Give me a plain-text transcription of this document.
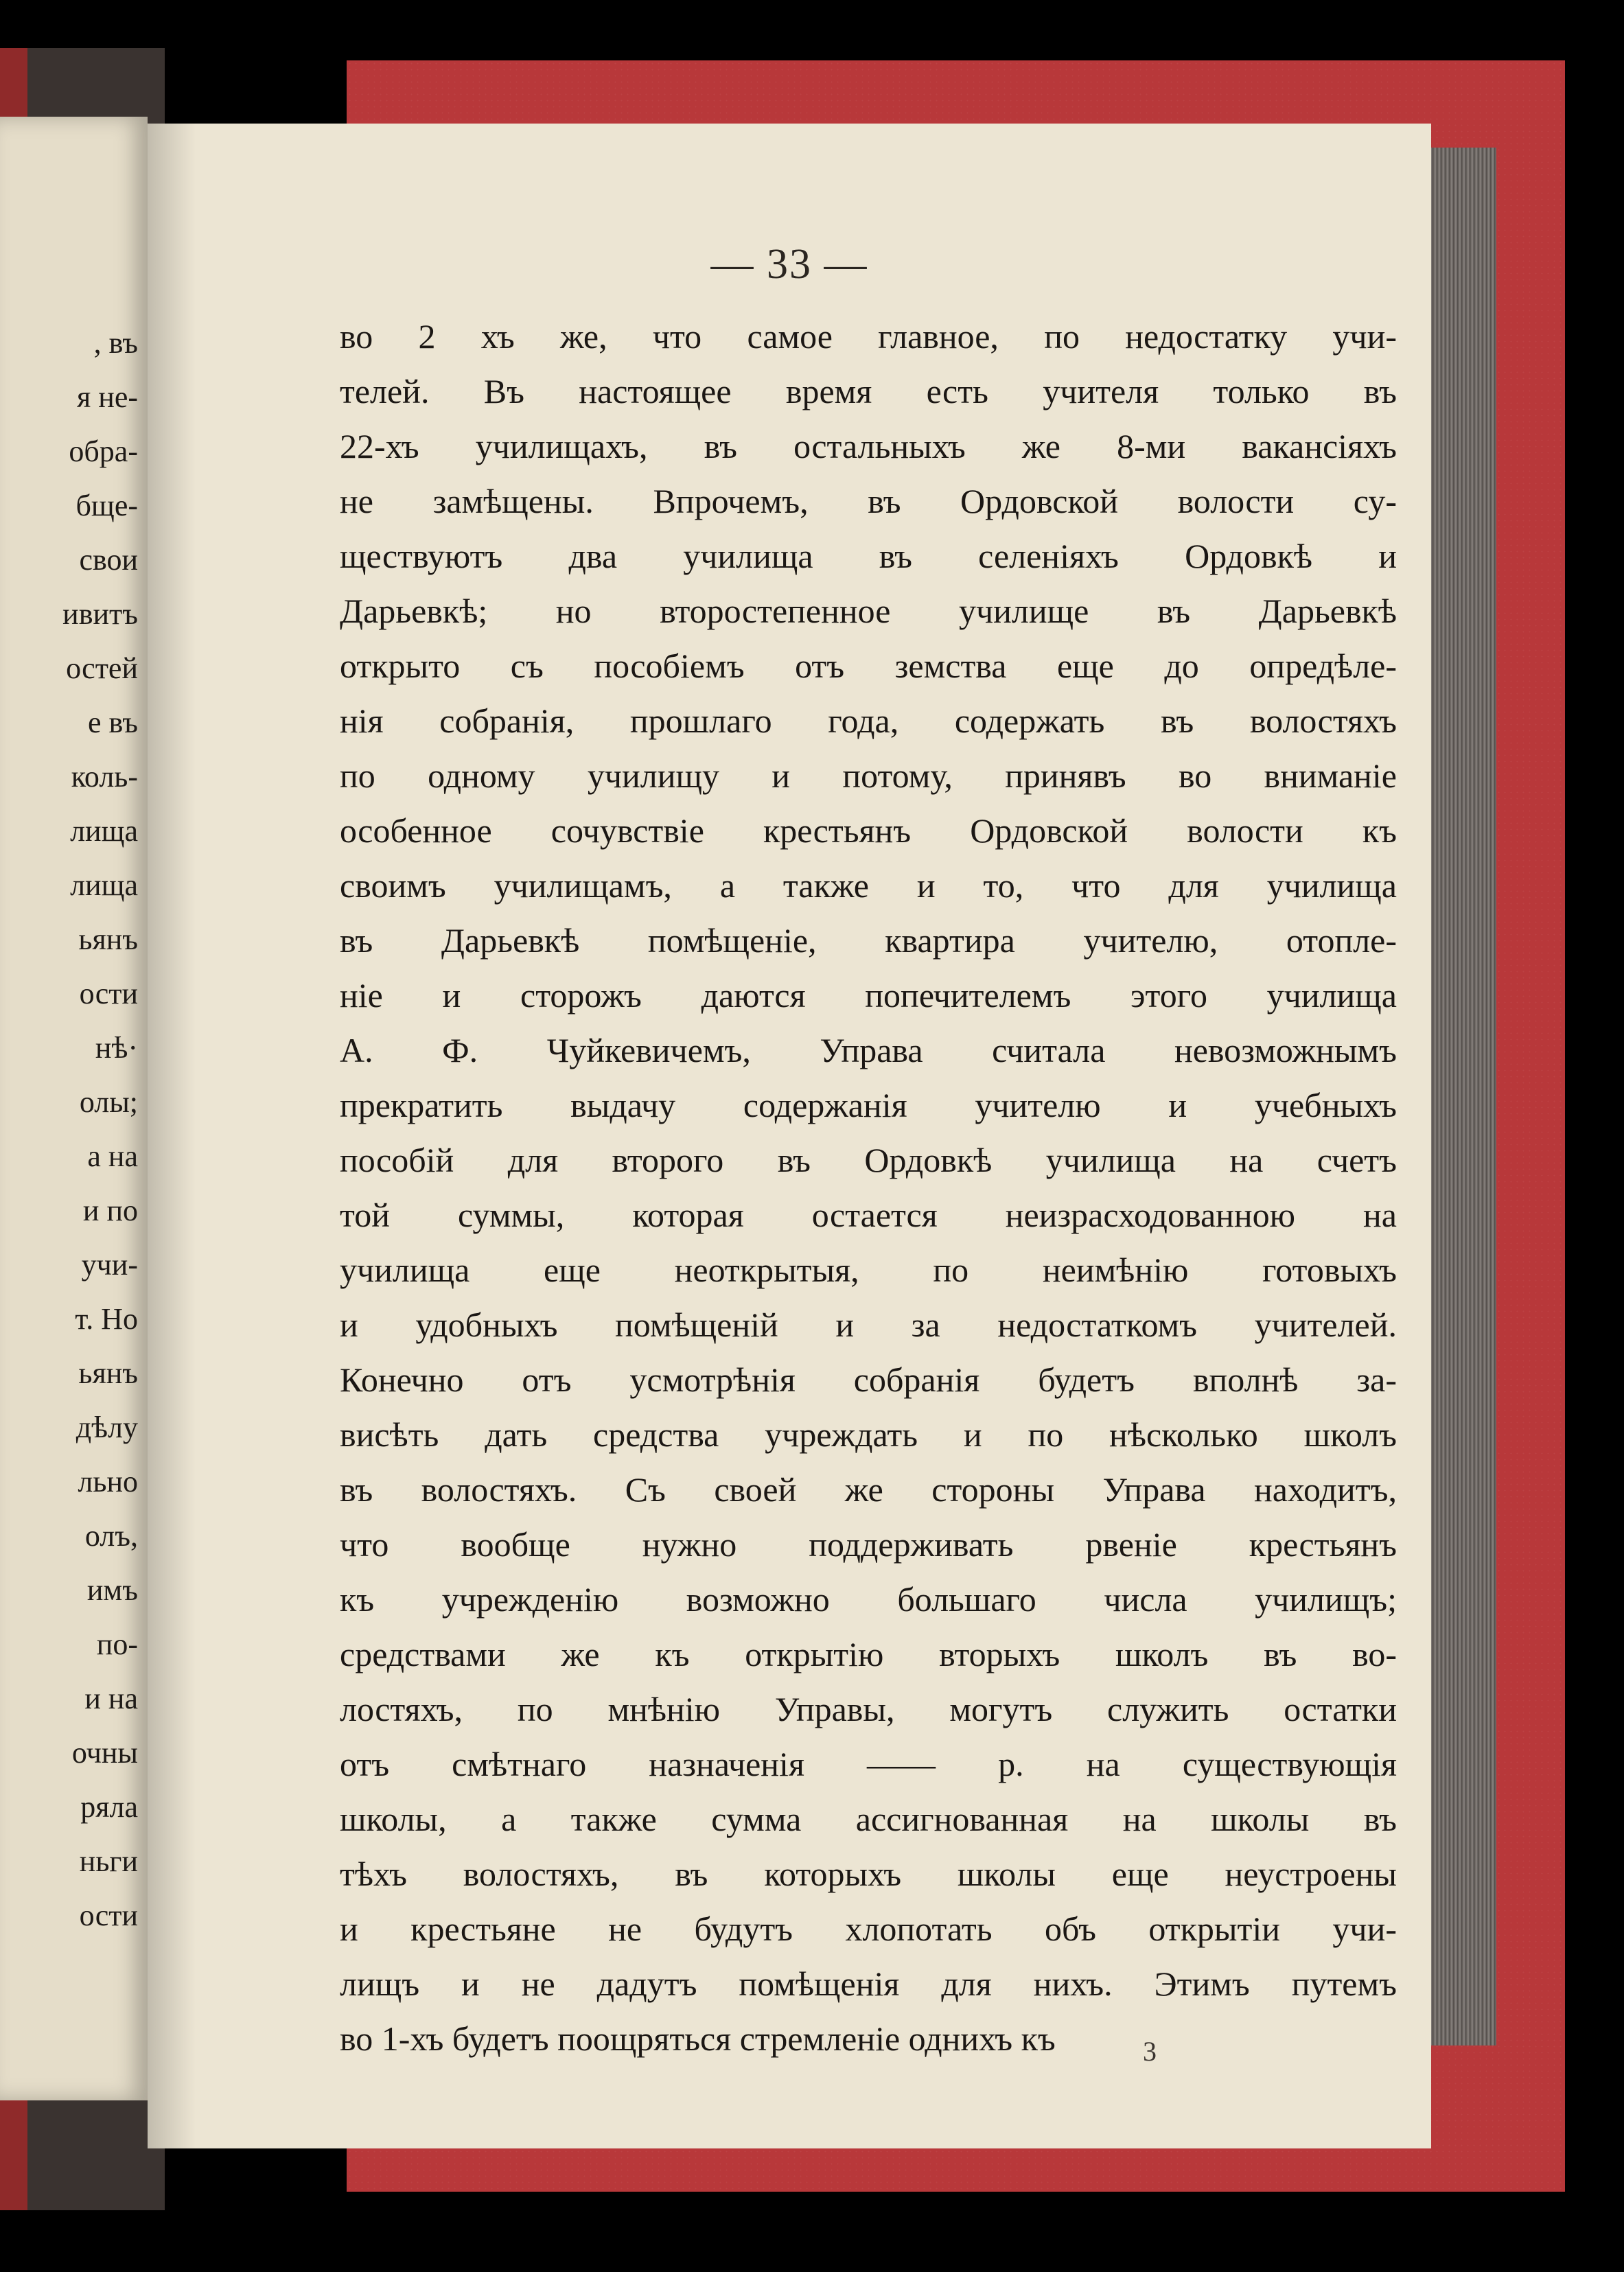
, въ
я не-
обра-
бще-
свои
ивитъ
остей
е въ
коль-
лища
лища
ьянъ
ости
нѣ·
олы;
а на
и по
учи-
т. Но
ьянъ
дѣлу
льно
олъ,
имъ
по-
и на
очны
ряла
ньги
ости
— 33 —
во 2 хъ же, что самое главное, по недостатку учи-
телей. Въ настоящее время есть учителя только въ
22-хъ училищахъ, въ остальныхъ же 8-ми вакансіяхъ
не замѣщены. Впрочемъ, въ Ордовской волости су-
ществуютъ два училища въ селеніяхъ Ордовкѣ и
Дарьевкѣ; но второстепенное училище въ Дарьевкѣ
открыто съ пособіемъ отъ земства еще до опредѣле-
нія собранія, прошлаго года, содержать въ волостяхъ
по одному училищу и потому, принявъ во вниманіе
особенное сочувствіе крестьянъ Ордовской волости къ
своимъ училищамъ, а также и то, что для училища
въ Дарьевкѣ помѣщеніе, квартира учителю, отопле-
ніе и сторожъ даются попечителемъ этого училища
А. Ф. Чуйкевичемъ, Управа считала невозможнымъ
прекратить выдачу содержанія учителю и учебныхъ
пособій для второго въ Ордовкѣ училища на счетъ
той суммы, которая остается неизрасходованною на
училища еще неоткрытыя, по неимѣнію готовыхъ
и удобныхъ помѣщеній и за недостаткомъ учителей.
Конечно отъ усмотрѣнія собранія будетъ вполнѣ за-
висѣть дать средства учреждать и по нѣсколько школъ
въ волостяхъ. Съ своей же стороны Управа находитъ,
что вообще нужно поддерживать рвеніе крестьянъ
къ учрежденію возможно большаго числа училищъ;
средствами же къ открытію вторыхъ школъ въ во-
лостяхъ, по мнѣнію Управы, могутъ служить остатки
отъ смѣтнаго назначенія —— р. на существующія
школы, а также сумма ассигнованная на школы въ
тѣхъ волостяхъ, въ которыхъ школы еще неустроены
и крестьяне не будутъ хлопотать объ открытіи учи-
лищъ и не дадутъ помѣщенія для нихъ. Этимъ путемъ
во 1-хъ будетъ поощряться стремленіе однихъ къ	3
